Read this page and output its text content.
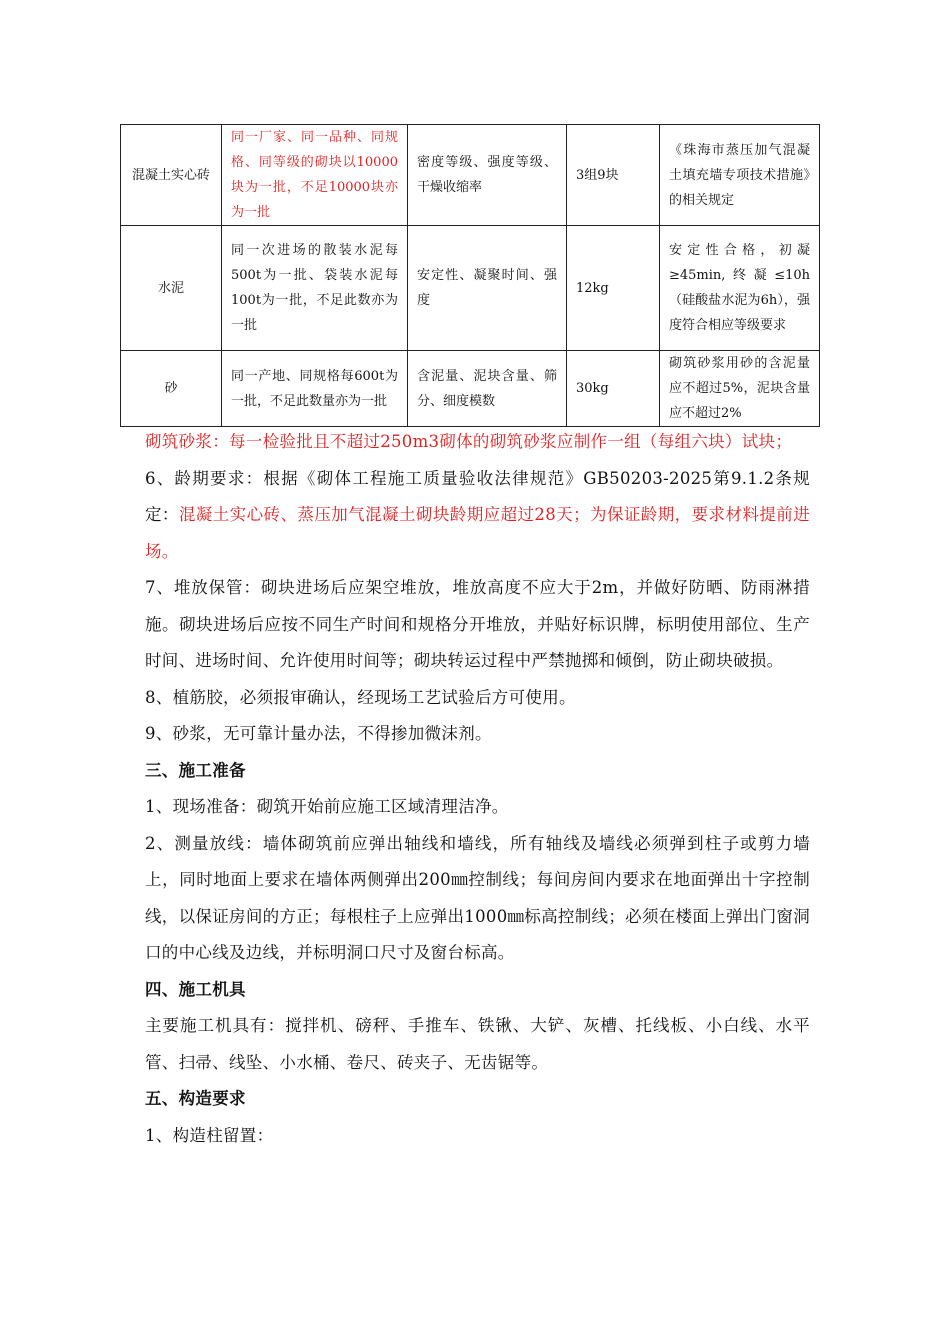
混凝土实心砖	同一厂家、同一品种、同规格、同等级的砌块以10000块为一批，不足10000块亦为一批	密度等级、强度等级、干燥收缩率	3组9块	《珠海市蒸压加气混凝土填充墙专项技术措施》的相关规定
水泥	同一次进场的散装水泥每500t为一批、袋装水泥每100t为一批，不足此数亦为一批	安定性、凝聚时间、强度	12kg	安定性合格，初凝≥45min,终凝≤10h（硅酸盐水泥为6h），强度符合相应等级要求
砂	同一产地、同规格每600t为一批，不足此数量亦为一批	含泥量、泥块含量、筛分、细度模数	30kg	砌筑砂浆用砂的含泥量应不超过5%，泥块含量应不超过2%

砌筑砂浆：每一检验批且不超过250m3砌体的砌筑砂浆应制作一组（每组六块）试块；

6、龄期要求：根据《砌体工程施工质量验收法律规范》GB50203-2025第9.1.2条规定：混凝土实心砖、蒸压加气混凝土砌块龄期应超过28天；为保证龄期，要求材料提前进场。

7、堆放保管：砌块进场后应架空堆放，堆放高度不应大于2m，并做好防晒、防雨淋措施。砌块进场后应按不同生产时间和规格分开堆放，并贴好标识牌，标明使用部位、生产时间、进场时间、允许使用时间等；砌块转运过程中严禁抛掷和倾倒，防止砌块破损。

8、植筋胶，必须报审确认，经现场工艺试验后方可使用。

9、砂浆，无可靠计量办法，不得掺加微沫剂。

三、施工准备

1、现场准备：砌筑开始前应施工区域清理洁净。

2、测量放线：墙体砌筑前应弹出轴线和墙线，所有轴线及墙线必须弹到柱子或剪力墙上，同时地面上要求在墙体两侧弹出200㎜控制线；每间房间内要求在地面弹出十字控制线，以保证房间的方正；每根柱子上应弹出1000㎜标高控制线；必须在楼面上弹出门窗洞口的中心线及边线，并标明洞口尺寸及窗台标高。

四、施工机具

主要施工机具有：搅拌机、磅秤、手推车、铁锹、大铲、灰槽、托线板、小白线、水平管、扫帚、线坠、小水桶、卷尺、砖夹子、无齿锯等。

五、构造要求

1、构造柱留置：
